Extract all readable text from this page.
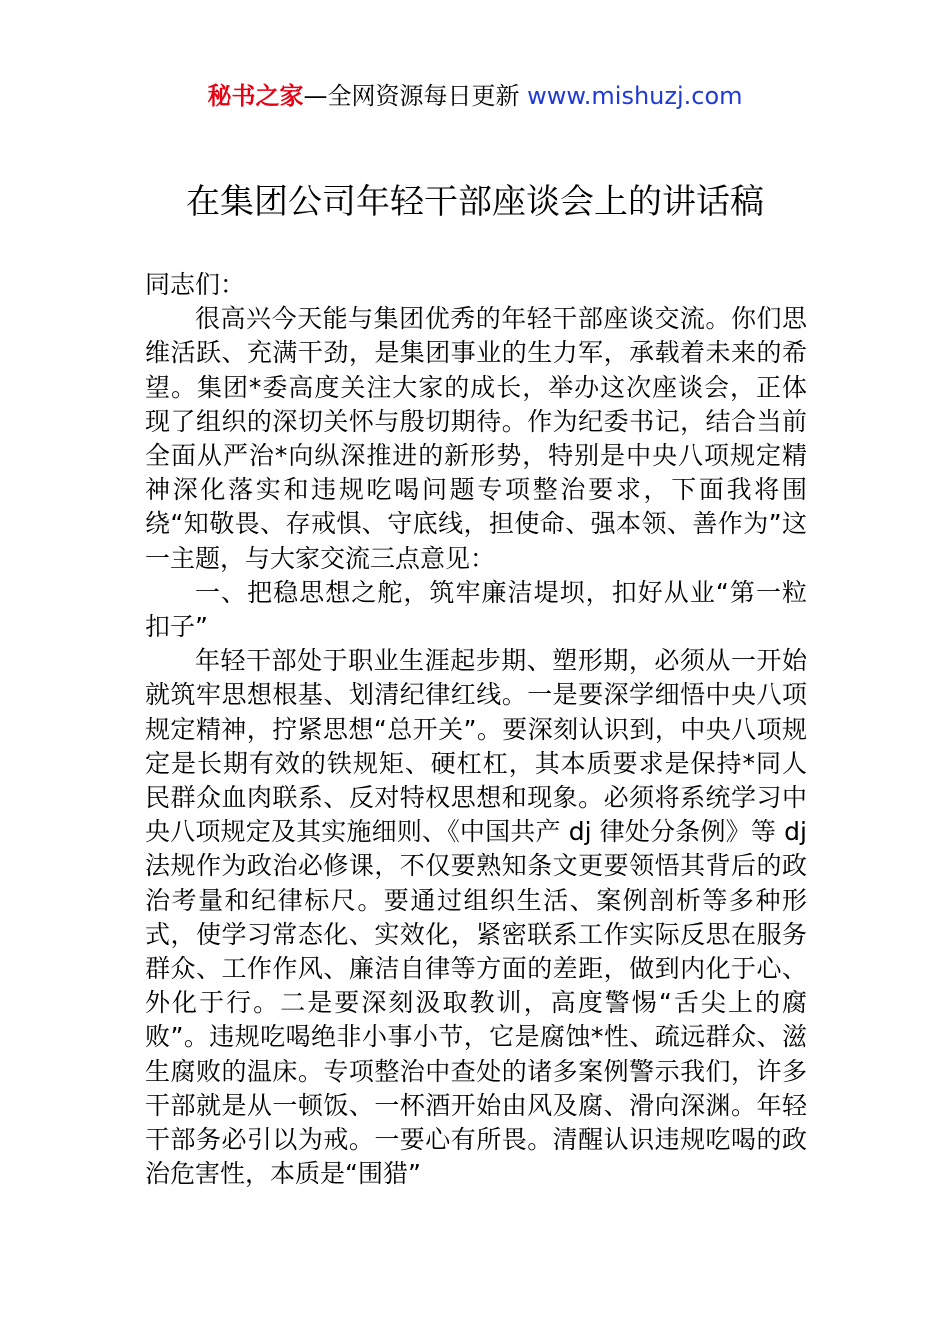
秘书之家—全网资源每日更新 www.mishuzj.com
在集团公司年轻干部座谈会上的讲话稿

同志们：

很高兴今天能与集团优秀的年轻干部座谈交流。你们思维活跃、充满干劲，是集团事业的生力军，承载着未来的希望。集团*委高度关注大家的成长，举办这次座谈会，正体现了组织的深切关怀与殷切期待。作为纪委书记，结合当前全面从严治*向纵深推进的新形势，特别是中央八项规定精神深化落实和违规吃喝问题专项整治要求，下面我将围绕“知敬畏、存戒惧、守底线，担使命、强本领、善作为”这一主题，与大家交流三点意见：

一、把稳思想之舵，筑牢廉洁堤坝，扣好从业“第一粒扣子”

年轻干部处于职业生涯起步期、塑形期，必须从一开始就筑牢思想根基、划清纪律红线。一是要深学细悟中央八项规定精神，拧紧思想“总开关”。要深刻认识到，中央八项规定是长期有效的铁规矩、硬杠杠，其本质要求是保持*同人民群众血肉联系、反对特权思想和现象。必须将系统学习中央八项规定及其实施细则、《中国共产 dj 律处分条例》等 dj 法规作为政治必修课，不仅要熟知条文更要领悟其背后的政治考量和纪律标尺。要通过组织生活、案例剖析等多种形式，使学习常态化、实效化，紧密联系工作实际反思在服务群众、工作作风、廉洁自律等方面的差距，做到内化于心、外化于行。二是要深刻汲取教训，高度警惕“舌尖上的腐败”。违规吃喝绝非小事小节，它是腐蚀*性、疏远群众、滋生腐败的温床。专项整治中查处的诸多案例警示我们，许多干部就是从一顿饭、一杯酒开始由风及腐、滑向深渊。年轻干部务必引以为戒。一要心有所畏。清醒认识违规吃喝的政治危害性，本质是“围猎”
